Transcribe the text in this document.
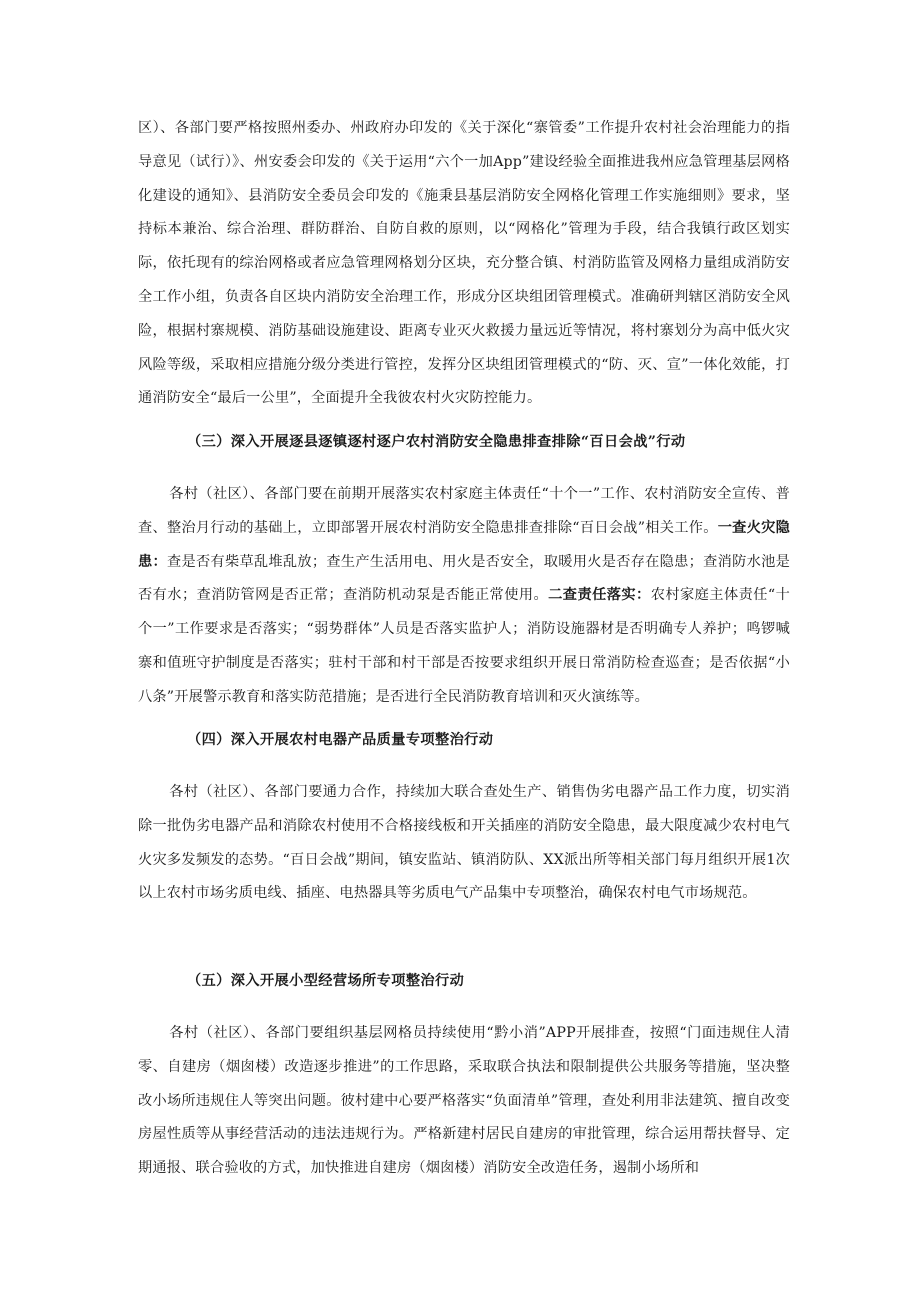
区）、各部门要严格按照州委办、州政府办印发的《关于深化“寨管委”工作提升农村社会治理能力的指导意见（试行）》、州安委会印发的《关于运用“六个一加App”建设经验全面推进我州应急管理基层网格化建设的通知》、县消防安全委员会印发的《施秉县基层消防安全网格化管理工作实施细则》要求，坚持标本兼治、综合治理、群防群治、自防自救的原则，以“网格化”管理为手段，结合我镇行政区划实际，依托现有的综治网格或者应急管理网格划分区块，充分整合镇、村消防监管及网格力量组成消防安全工作小组，负责各自区块内消防安全治理工作，形成分区块组团管理模式。准确研判辖区消防安全风险，根据村寨规模、消防基础设施建设、距离专业灭火救援力量远近等情况，将村寨划分为高中低火灾风险等级，采取相应措施分级分类进行管控，发挥分区块组团管理模式的“防、灭、宣”一体化效能，打通消防安全“最后一公里”，全面提升全我彼农村火灾防控能力。

（三）深入开展逐县逐镇逐村逐户农村消防安全隐患排查排除“百日会战”行动

各村（社区）、各部门要在前期开展落实农村家庭主体责任“十个一”工作、农村消防安全宣传、普查、整治月行动的基础上，立即部署开展农村消防安全隐患排查排除“百日会战”相关工作。一查火灾隐患：查是否有柴草乱堆乱放；查生产生活用电、用火是否安全，取暖用火是否存在隐患；查消防水池是否有水；查消防管网是否正常；查消防机动泵是否能正常使用。二查责任落实：农村家庭主体责任“十个一”工作要求是否落实；“弱势群体”人员是否落实监护人；消防设施器材是否明确专人养护；鸣锣喊寨和值班守护制度是否落实；驻村干部和村干部是否按要求组织开展日常消防检查巡查；是否依据“小八条”开展警示教育和落实防范措施；是否进行全民消防教育培训和灭火演练等。

（四）深入开展农村电器产品质量专项整治行动

各村（社区）、各部门要通力合作，持续加大联合查处生产、销售伪劣电器产品工作力度，切实消除一批伪劣电器产品和消除农村使用不合格接线板和开关插座的消防安全隐患，最大限度减少农村电气火灾多发频发的态势。“百日会战”期间，镇安监站、镇消防队、XX派出所等相关部门每月组织开展1次以上农村市场劣质电线、插座、电热器具等劣质电气产品集中专项整治，确保农村电气市场规范。

（五）深入开展小型经营场所专项整治行动

各村（社区）、各部门要组织基层网格员持续使用“黔小消”APP开展排查，按照“门面违规住人清零、自建房（烟囱楼）改造逐步推进”的工作思路，采取联合执法和限制提供公共服务等措施，坚决整改小场所违规住人等突出问题。彼村建中心要严格落实“负面清单”管理，查处利用非法建筑、擅自改变房屋性质等从事经营活动的违法违规行为。严格新建村居民自建房的审批管理，综合运用帮扶督导、定期通报、联合验收的方式，加快推进自建房（烟囱楼）消防安全改造任务，遏制小场所和
